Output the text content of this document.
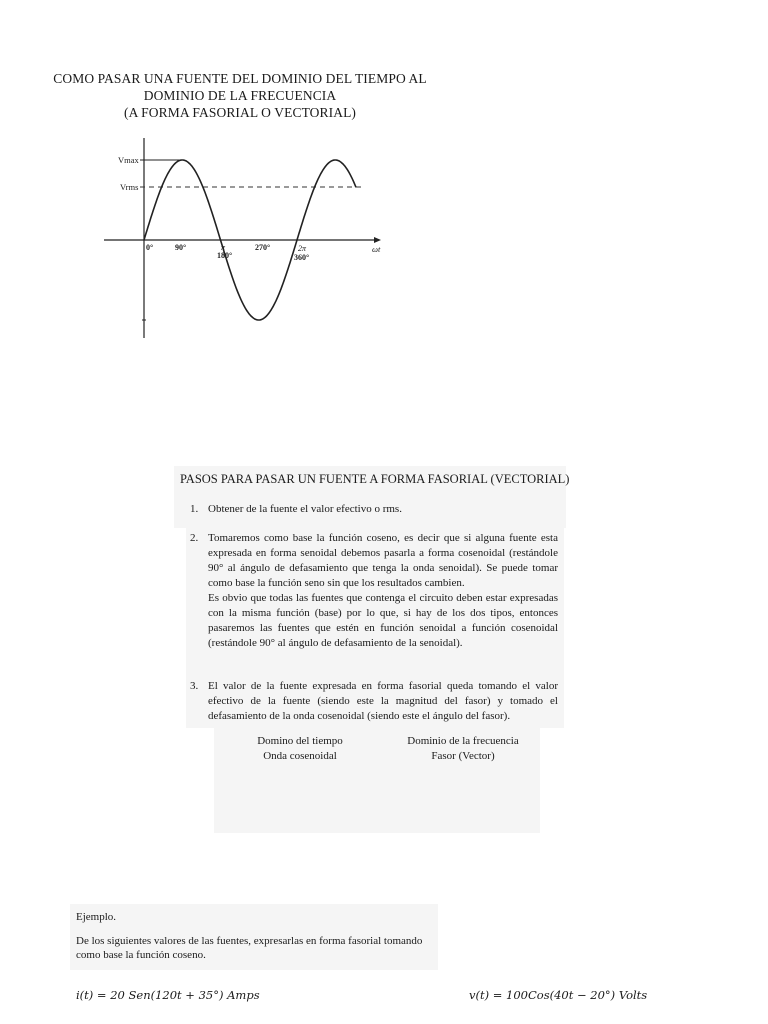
COMO PASAR UNA FUENTE DEL DOMINIO DEL TIEMPO AL
DOMINIO DE LA FRECUENCIA
(A FORMA FASORIAL O VECTORIAL)
Vmax
Vrms
0°	90°	π
180°
270°	2π
360°
ωt
PASOS PARA PASAR UN FUENTE A FORMA FASORIAL (VECTORIAL)
1. Obtener de la fuente el valor efectivo o rms.

2. Tomaremos como base la función coseno, es decir que si alguna fuente esta expresada en forma senoidal debemos pasarla a forma cosenoidal (restándole 90° al ángulo de defasamiento que tenga la onda senoidal). Se puede tomar como base la función seno sin que los resultados cambien.

Es obvio que todas las fuentes que contenga el circuito deben estar expresadas con la misma función (base) por lo que, si hay de los dos tipos, entonces pasaremos las fuentes que estén en función senoidal a función cosenoidal (restándole 90° al ángulo de defasamiento de la senoidal).

3. El valor de la fuente expresada en forma fasorial queda tomando el valor efectivo de la fuente (siendo este la magnitud del fasor) y tomado el defasamiento de la onda cosenoidal (siendo este el ángulo del fasor).

Domino del tiempo
Onda cosenoidal
Dominio de la frecuencia
Fasor (Vector)
Ejemplo.
De los siguientes valores de las fuentes, expresarlas en forma fasorial tomando como base la función coseno.
i(t) = 20 Sen(120t + 35°) Amps	v(t) = 100Cos(40t − 20°) Volts
